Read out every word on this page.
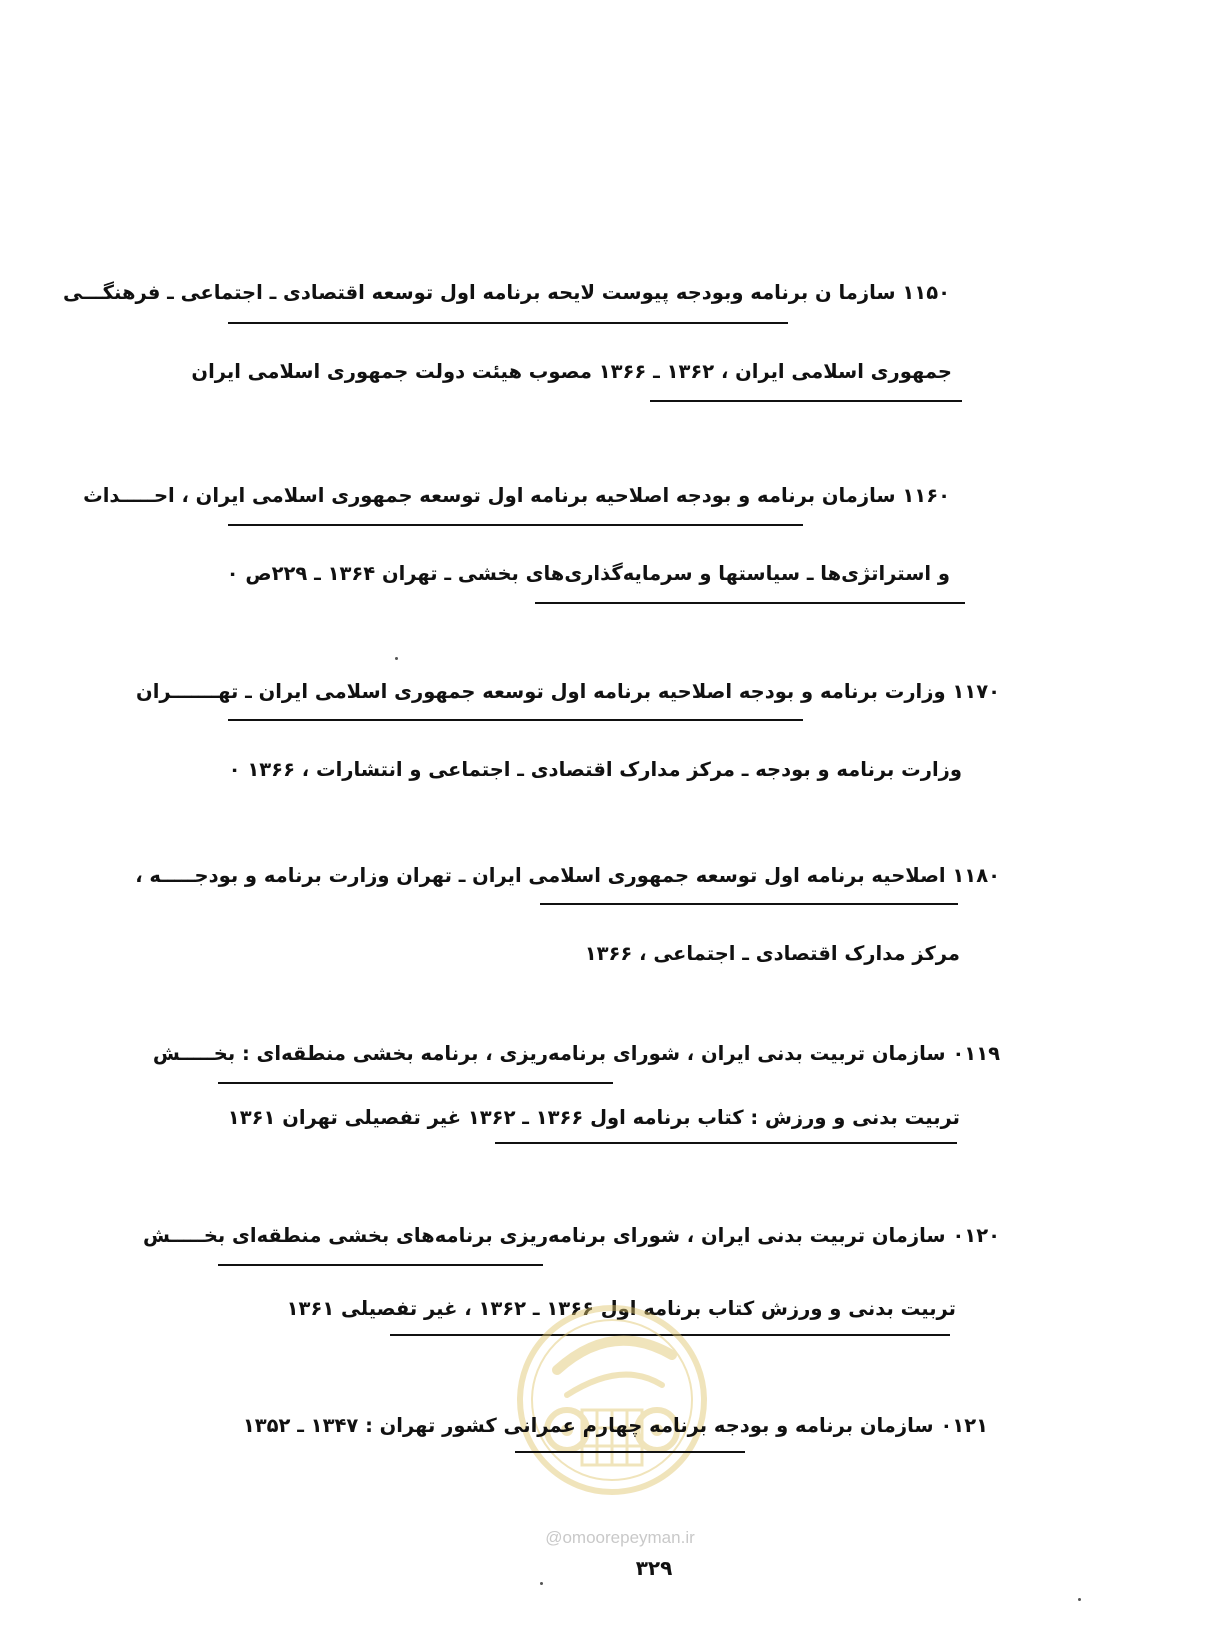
۱۱۵۰ سازما ن برنامه وبودجه پیوست لایحه برنامه اول توسعه اقتصادی ـ اجتماعی ـ فرهنگـــی
جمهوری اسلامی ایران ، ۱۳۶۲ ـ ۱۳۶۶ مصوب هیئت دولت جمهوری اسلامی ایران
۱۱۶۰ سازمان برنامه و بودجه اصلاحیه برنامه اول توسعه جمهوری اسلامی ایران ، احـــــداث
و استراتژی‌ها ـ سیاستها و سرمایه‌گذاری‌های بخشی ـ تهران ۱۳۶۴ ـ ۲۲۹ص ۰
۱۱۷۰ وزارت برنامه و بودجه اصلاحیه برنامه اول توسعه جمهوری اسلامی ایران ـ تهـــــــران
وزارت برنامه و بودجه ـ مرکز مدارک اقتصادی ـ اجتماعی و انتشارات ، ۱۳۶۶ ۰
۱۱۸۰ اصلاحیه برنامه اول توسعه جمهوری اسلامی ایران ـ تهران وزارت برنامه و بودجـــــه ،
مرکز مدارک اقتصادی ـ اجتماعی ، ۱۳۶۶
۰۱۱۹ سازمان تربیت بدنی ایران ، شورای برنامه‌ریزی ، برنامه بخشی منطقه‌ای : بخـــــش
تربیت بدنی و ورزش : کتاب برنامه اول ۱۳۶۶ ـ ۱۳۶۲ غیر تفصیلی تهران ۱۳۶۱
۰۱۲۰ سازمان تربیت بدنی ایران ، شورای برنامه‌ریزی برنامه‌های بخشی منطقه‌ای بخـــــش
تربیت بدنی و ورزش کتاب برنامه اول ۱۳۶۶ ـ ۱۳۶۲ ، غیر تفصیلی ۱۳۶۱
۰۱۲۱ سازمان برنامه و بودجه برنامه چهارم عمرانی کشور تهران : ۱۳۴۷ ـ ۱۳۵۲
@omoorepeyman.ir
۳۲۹
